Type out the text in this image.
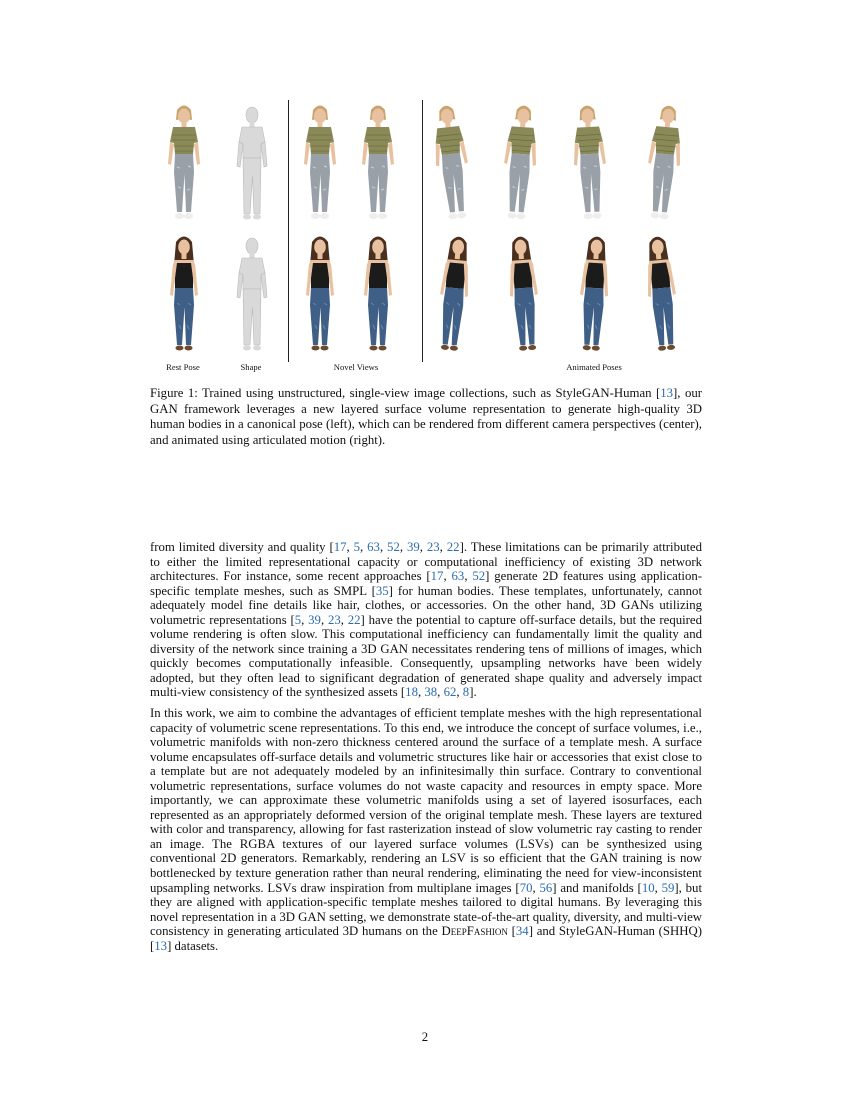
Rest Pose	Shape	Novel Views	Animated Poses
Figure 1: Trained using unstructured, single-view image collections, such as StyleGAN-Human [13], our GAN framework leverages a new layered surface volume representation to generate high-quality 3D human bodies in a canonical pose (left), which can be rendered from different camera perspectives (center), and animated using articulated motion (right).

from limited diversity and quality [17, 5, 63, 52, 39, 23, 22]. These limitations can be primarily attributed to either the limited representational capacity or computational inefficiency of existing 3D network architectures. For instance, some recent approaches [17, 63, 52] generate 2D features using application-specific template meshes, such as SMPL [35] for human bodies. These templates, unfortunately, cannot adequately model fine details like hair, clothes, or accessories. On the other hand, 3D GANs utilizing volumetric representations [5, 39, 23, 22] have the potential to capture off-surface details, but the required volume rendering is often slow. This computational inefficiency can fundamentally limit the quality and diversity of the network since training a 3D GAN necessitates rendering tens of millions of images, which quickly becomes computationally infeasible. Consequently, upsampling networks have been widely adopted, but they often lead to significant degradation of generated shape quality and adversely impact multi-view consistency of the synthesized assets [18, 38, 62, 8].

In this work, we aim to combine the advantages of efficient template meshes with the high representational capacity of volumetric scene representations. To this end, we introduce the concept of surface volumes, i.e., volumetric manifolds with non-zero thickness centered around the surface of a template mesh. A surface volume encapsulates off-surface details and volumetric structures like hair or accessories that exist close to a template but are not adequately modeled by an infinitesimally thin surface. Contrary to conventional volumetric representations, surface volumes do not waste capacity and resources in empty space. More importantly, we can approximate these volumetric manifolds using a set of layered isosurfaces, each represented as an appropriately deformed version of the original template mesh. These layers are textured with color and transparency, allowing for fast rasterization instead of slow volumetric ray casting to render an image. The RGBA textures of our layered surface volumes (LSVs) can be synthesized using conventional 2D generators. Remarkably, rendering an LSV is so efficient that the GAN training is now bottlenecked by texture generation rather than neural rendering, eliminating the need for view-inconsistent upsampling networks. LSVs draw inspiration from multiplane images [70, 56] and manifolds [10, 59], but they are aligned with application-specific template meshes tailored to digital humans. By leveraging this novel representation in a 3D GAN setting, we demonstrate state-of-the-art quality, diversity, and multi-view consistency in generating articulated 3D humans on the DeepFashion [34] and StyleGAN-Human (SHHQ) [13] datasets.

2
